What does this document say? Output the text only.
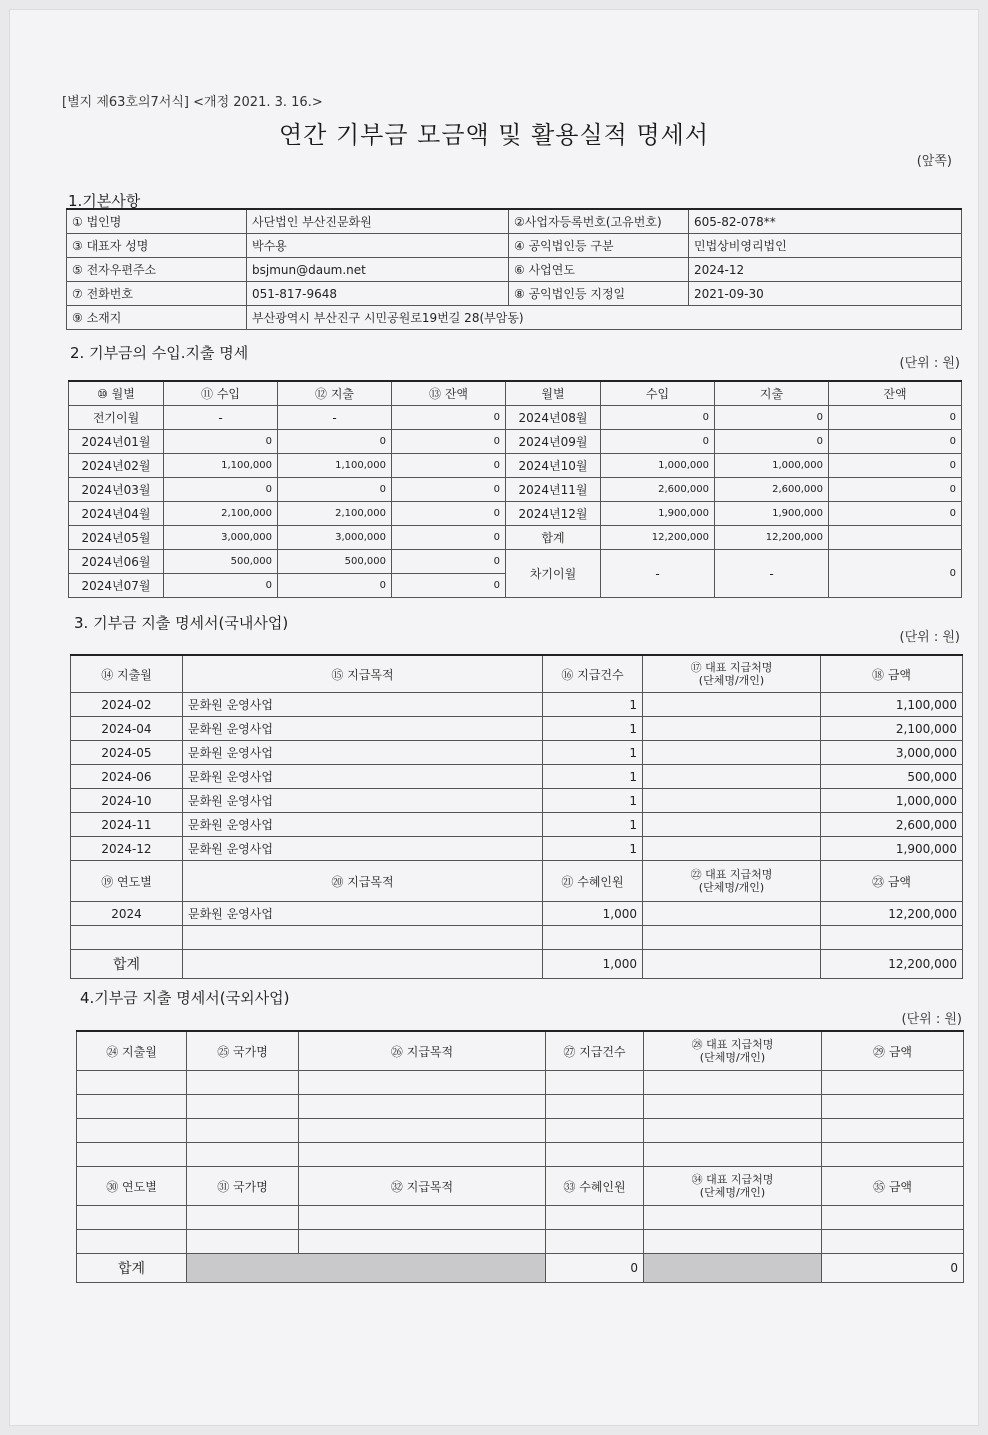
[별지 제63호의7서식] <개정 2021. 3. 16.>
연간 기부금 모금액 및 활용실적 명세서
(앞쪽)
1.기본사항
① 법인명	사단법인 부산진문화원	②사업자등록번호(고유번호)	605-82-078**
③ 대표자 성명	박수용	④ 공익법인등 구분	민법상비영리법인
⑤ 전자우편주소	bsjmun@daum.net	⑥ 사업연도	2024-12
⑦ 전화번호	051-817-9648	⑧ 공익법인등 지정일	2021-09-30
⑨ 소재지	부산광역시 부산진구 시민공원로19번길 28(부암동)		
2. 기부금의 수입.지출 명세
(단위 : 원)
⑩ 월별	⑪ 수입	⑫ 지출	⑬ 잔액	월별	수입	지출	잔액
전기이월	-	-	0	2024년08월	0	0	0
2024년01월	0	0	0	2024년09월	0	0	0
2024년02월	1,100,000	1,100,000	0	2024년10월	1,000,000	1,000,000	0
2024년03월	0	0	0	2024년11월	2,600,000	2,600,000	0
2024년04월	2,100,000	2,100,000	0	2024년12월	1,900,000	1,900,000	0
2024년05월	3,000,000	3,000,000	0	합계	12,200,000	12,200,000	
2024년06월	500,000	500,000	0	차기이월	-	-	0
2024년07월	0	0	0				
3. 기부금 지출 명세서(국내사업)
(단위 : 원)
⑭ 지출월	⑮ 지급목적	⑯ 지급건수	⑰ 대표 지급처명
(단체명/개인)	⑱ 금액
2024-02	문화원 운영사업	1		1,100,000
2024-04	문화원 운영사업	1		2,100,000
2024-05	문화원 운영사업	1		3,000,000
2024-06	문화원 운영사업	1		500,000
2024-10	문화원 운영사업	1		1,000,000
2024-11	문화원 운영사업	1		2,600,000
2024-12	문화원 운영사업	1		1,900,000
⑲ 연도별	⑳ 지급목적	㉑ 수혜인원	㉒ 대표 지급처명
(단체명/개인)	㉓ 금액
2024	문화원 운영사업	1,000		12,200,000

합계		1,000		12,200,000
4.기부금 지출 명세서(국외사업)
(단위 : 원)
㉔ 지출월	㉕ 국가명	㉖ 지급목적	㉗ 지급건수	㉘ 대표 지급처명
(단체명/개인)	㉙ 금액

㉚ 연도별	㉛ 국가명	㉜ 지급목적	㉝ 수혜인원	㉞ 대표 지급처명
(단체명/개인)	㉟ 금액

합계			0		0
